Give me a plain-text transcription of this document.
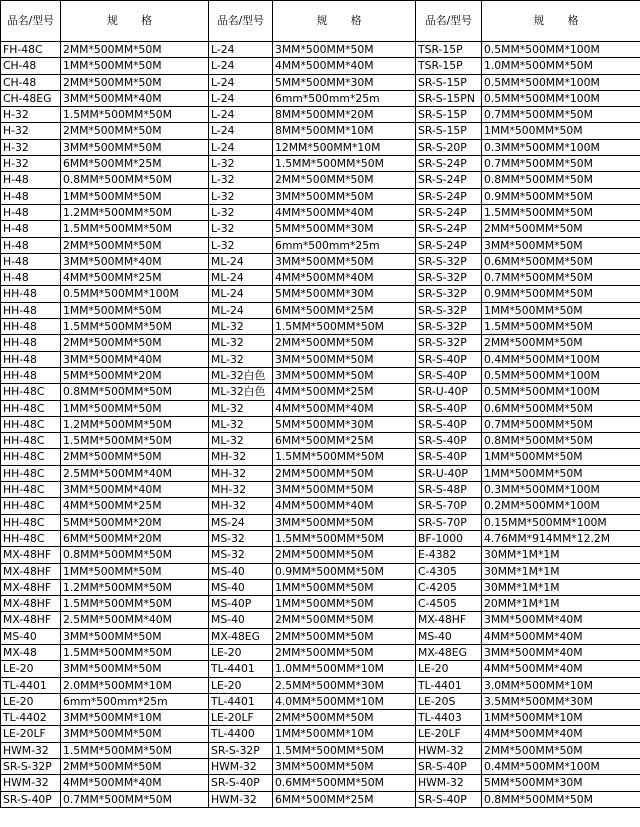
品名/型号	规 格	品名/型号	规 格	品名/型号	规 格
FH-48C	2MM*500MM*50M	L-24	3MM*500MM*50M	TSR-15P	0.5MM*500MM*100M
CH-48	1MM*500MM*50M	L-24	4MM*500MM*40M	TSR-15P	1.0MM*500MM*50M
CH-48	2MM*500MM*50M	L-24	5MM*500MM*30M	SR-S-15P	0.5MM*500MM*100M
CH-48EG	3MM*500MM*40M	L-24	6mm*500mm*25m	SR-S-15PN	0.5MM*500MM*100M
H-32	1.5MM*500MM*50M	L-24	8MM*500MM*20M	SR-S-15P	0.7MM*500MM*50M
H-32	2MM*500MM*50M	L-24	8MM*500MM*10M	SR-S-15P	1MM*500MM*50M
H-32	3MM*500MM*50M	L-24	12MM*500MM*10M	SR-S-20P	0.3MM*500MM*100M
H-32	6MM*500MM*25M	L-32	1.5MM*500MM*50M	SR-S-24P	0.7MM*500MM*50M
H-48	0.8MM*500MM*50M	L-32	2MM*500MM*50M	SR-S-24P	0.8MM*500MM*50M
H-48	1MM*500MM*50M	L-32	3MM*500MM*50M	SR-S-24P	0.9MM*500MM*50M
H-48	1.2MM*500MM*50M	L-32	4MM*500MM*40M	SR-S-24P	1.5MM*500MM*50M
H-48	1.5MM*500MM*50M	L-32	5MM*500MM*30M	SR-S-24P	2MM*500MM*50M
H-48	2MM*500MM*50M	L-32	6mm*500mm*25m	SR-S-24P	3MM*500MM*50M
H-48	3MM*500MM*40M	ML-24	3MM*500MM*50M	SR-S-32P	0.6MM*500MM*50M
H-48	4MM*500MM*25M	ML-24	4MM*500MM*40M	SR-S-32P	0.7MM*500MM*50M
HH-48	0.5MM*500MM*100M	ML-24	5MM*500MM*30M	SR-S-32P	0.9MM*500MM*50M
HH-48	1MM*500MM*50M	ML-24	6MM*500MM*25M	SR-S-32P	1MM*500MM*50M
HH-48	1.5MM*500MM*50M	ML-32	1.5MM*500MM*50M	SR-S-32P	1.5MM*500MM*50M
HH-48	2MM*500MM*50M	ML-32	2MM*500MM*50M	SR-S-32P	2MM*500MM*50M
HH-48	3MM*500MM*40M	ML-32	3MM*500MM*50M	SR-S-40P	0.4MM*500MM*100M
HH-48	5MM*500MM*20M	ML-32白色	3MM*500MM*50M	SR-S-40P	0.5MM*500MM*100M
HH-48C	0.8MM*500MM*50M	ML-32白色	4MM*500MM*25M	SR-U-40P	0.5MM*500MM*100M
HH-48C	1MM*500MM*50M	ML-32	4MM*500MM*40M	SR-S-40P	0.6MM*500MM*50M
HH-48C	1.2MM*500MM*50M	ML-32	5MM*500MM*30M	SR-S-40P	0.7MM*500MM*50M
HH-48C	1.5MM*500MM*50M	ML-32	6MM*500MM*25M	SR-S-40P	0.8MM*500MM*50M
HH-48C	2MM*500MM*50M	MH-32	1.5MM*500MM*50M	SR-S-40P	1MM*500MM*50M
HH-48C	2.5MM*500MM*40M	MH-32	2MM*500MM*50M	SR-U-40P	1MM*500MM*50M
HH-48C	3MM*500MM*40M	MH-32	3MM*500MM*50M	SR-S-48P	0.3MM*500MM*100M
HH-48C	4MM*500MM*25M	MH-32	4MM*500MM*40M	SR-S-70P	0.2MM*500MM*100M
HH-48C	5MM*500MM*20M	MS-24	3MM*500MM*50M	SR-S-70P	0.15MM*500MM*100M
HH-48C	6MM*500MM*20M	MS-32	1.5MM*500MM*50M	BF-1000	4.76MM*914MM*12.2M
MX-48HF	0.8MM*500MM*50M	MS-32	2MM*500MM*50M	E-4382	30MM*1M*1M
MX-48HF	1MM*500MM*50M	MS-40	0.9MM*500MM*50M	C-4305	30MM*1M*1M
MX-48HF	1.2MM*500MM*50M	MS-40	1MM*500MM*50M	C-4205	30MM*1M*1M
MX-48HF	1.5MM*500MM*50M	MS-40P	1MM*500MM*50M	C-4505	20MM*1M*1M
MX-48HF	2.5MM*500MM*40M	MS-40	2MM*500MM*50M	MX-48HF	3MM*500MM*40M
MS-40	3MM*500MM*50M	MX-48EG	2MM*500MM*50M	MS-40	4MM*500MM*40M
MX-48	1.5MM*500MM*50M	LE-20	2MM*500MM*50M	MX-48EG	3MM*500MM*40M
LE-20	3MM*500MM*50M	TL-4401	1.0MM*500MM*10M	LE-20	4MM*500MM*40M
TL-4401	2.0MM*500MM*10M	LE-20	2.5MM*500MM*30M	TL-4401	3.0MM*500MM*10M
LE-20	6mm*500mm*25m	TL-4401	4.0MM*500MM*10M	LE-20S	3.5MM*500MM*30M
TL-4402	3MM*500MM*10M	LE-20LF	2MM*500MM*50M	TL-4403	1MM*500MM*10M
LE-20LF	3MM*500MM*50M	TL-4400	1MM*500MM*10M	LE-20LF	4MM*500MM*40M
HWM-32	1.5MM*500MM*50M	SR-S-32P	1.5MM*500MM*50M	HWM-32	2MM*500MM*50M
SR-S-32P	2MM*500MM*50M	HWM-32	3MM*500MM*50M	SR-S-40P	0.4MM*500MM*100M
HWM-32	4MM*500MM*40M	SR-S-40P	0.6MM*500MM*50M	HWM-32	5MM*500MM*30M
SR-S-40P	0.7MM*500MM*50M	HWM-32	6MM*500MM*25M	SR-S-40P	0.8MM*500MM*50M
